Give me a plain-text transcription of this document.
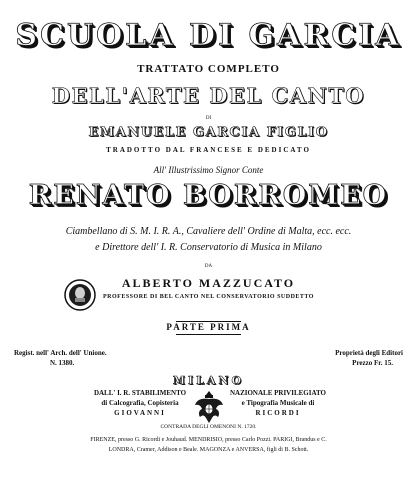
SCUOLA DI GARCIA
TRATTATO COMPLETO
DELL'ARTE DEL CANTO
DI
EMANUELE GARCIA FIGLIO
TRADOTTO DAL FRANCESE E DEDICATO
All' Illustrissimo Signor Conte
RENATO BORROMEO
Ciambellano di S. M. I. R. A., Cavaliere dell' Ordine di Malta, ecc. ecc.
e Direttore dell' I. R. Conservatorio di Musica in Milano
DA
ALBERTO MAZZUCATO
PROFESSORE DI BEL CANTO NEL CONSERVATORIO SUDDETTO
PARTE PRIMA
Regist. nell' Arch. dell' Unione.
N. 1380.
Proprietà degli Editori
Prezzo Fr. 15.
MILANO
DALL' I. R. STABILIMENTO
di Calcografia, Copisteria
GIOVANNI
NAZIONALE PRIVILEGIATO
e Tipografia Musicale di
RICORDI
CONTRADA DEGLI OMENONI N. 1720.
FIRENZE, presso G. Ricordi e Jouhaud. MENDRISIO, presso Carlo Pozzi. PARIGI, Brandus e C.
LONDRA, Cramer, Addison e Beale. MAGONZA e ANVERSA, figli di B. Schott.
